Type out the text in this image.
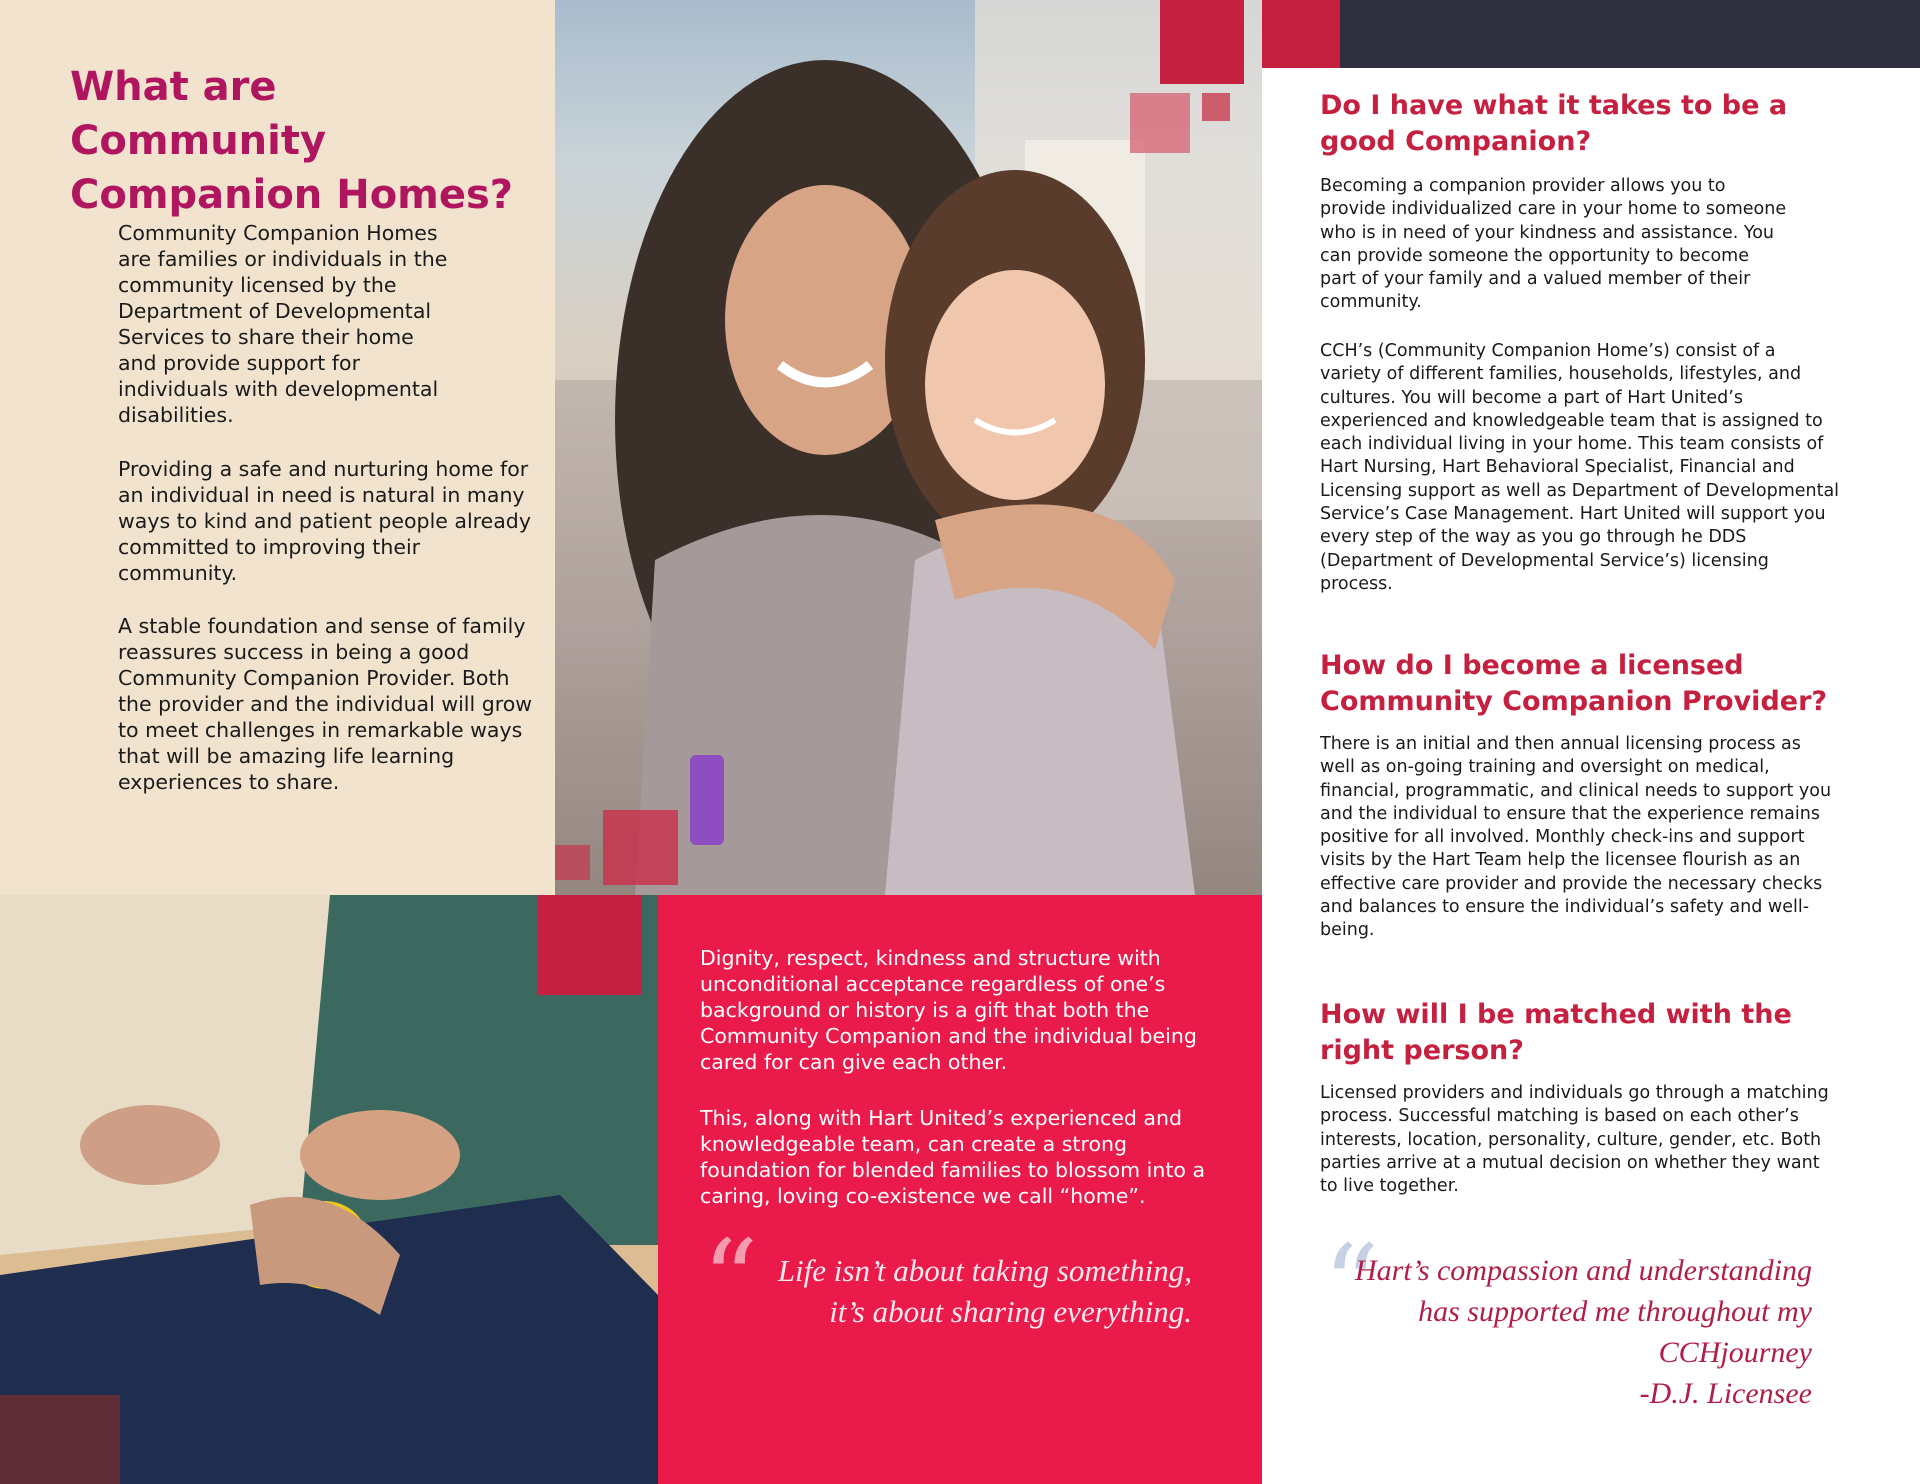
What are Community Companion Homes?

Community Companion Homes are families or individuals in the community licensed by the Department of Developmental Services to share their home and provide support for individuals with developmental disabilities.

Providing a safe and nurturing home for an individual in need is natural in many ways to kind and patient people already committed to improving their community.

A stable foundation and sense of family reassures success in being a good Community Companion Provider. Both the provider and the individual will grow to meet challenges in remarkable ways that will be amazing life learning experiences to share.

Dignity, respect, kindness and structure with unconditional acceptance regardless of one’s background or history is a gift that both the Community Companion and the individual being cared for can give each other.

This, along with Hart United’s experienced and knowledgeable team, can create a strong foundation for blended families to blossom into a caring, loving co-existence we call “home”.

“ Life isn’t about taking something, it’s about sharing everything.

Do I have what it takes to be a good Companion?

Becoming a companion provider allows you to provide individualized care in your home to someone who is in need of your kindness and assistance. You can provide someone the opportunity to become part of your family and a valued member of their community.

CCH’s (Community Companion Home’s) consist of a variety of different families, households, lifestyles, and cultures. You will become a part of Hart United’s experienced and knowledgeable team that is assigned to each individual living in your home. This team consists of Hart Nursing, Hart Behavioral Specialist, Financial and Licensing support as well as Department of Developmental Service’s Case Management. Hart United will support you every step of the way as you go through he DDS (Department of Developmental Service’s) licensing process.

How do I become a licensed Community Companion Provider?

There is an initial and then annual licensing process as well as on-going training and oversight on medical, financial, programmatic, and clinical needs to support you and the individual to ensure that the experience remains positive for all involved. Monthly check-ins and support visits by the Hart Team help the licensee flourish as an effective care provider and provide the necessary checks and balances to ensure the individual’s safety and well-being.

How will I be matched with the right person?

Licensed providers and individuals go through a matching process. Successful matching is based on each other’s interests, location, personality, culture, gender, etc. Both parties arrive at a mutual decision on whether they want to live together.

“
Hart’s compassion and understanding has supported me throughout my CCHjourney
-D.J. Licensee
